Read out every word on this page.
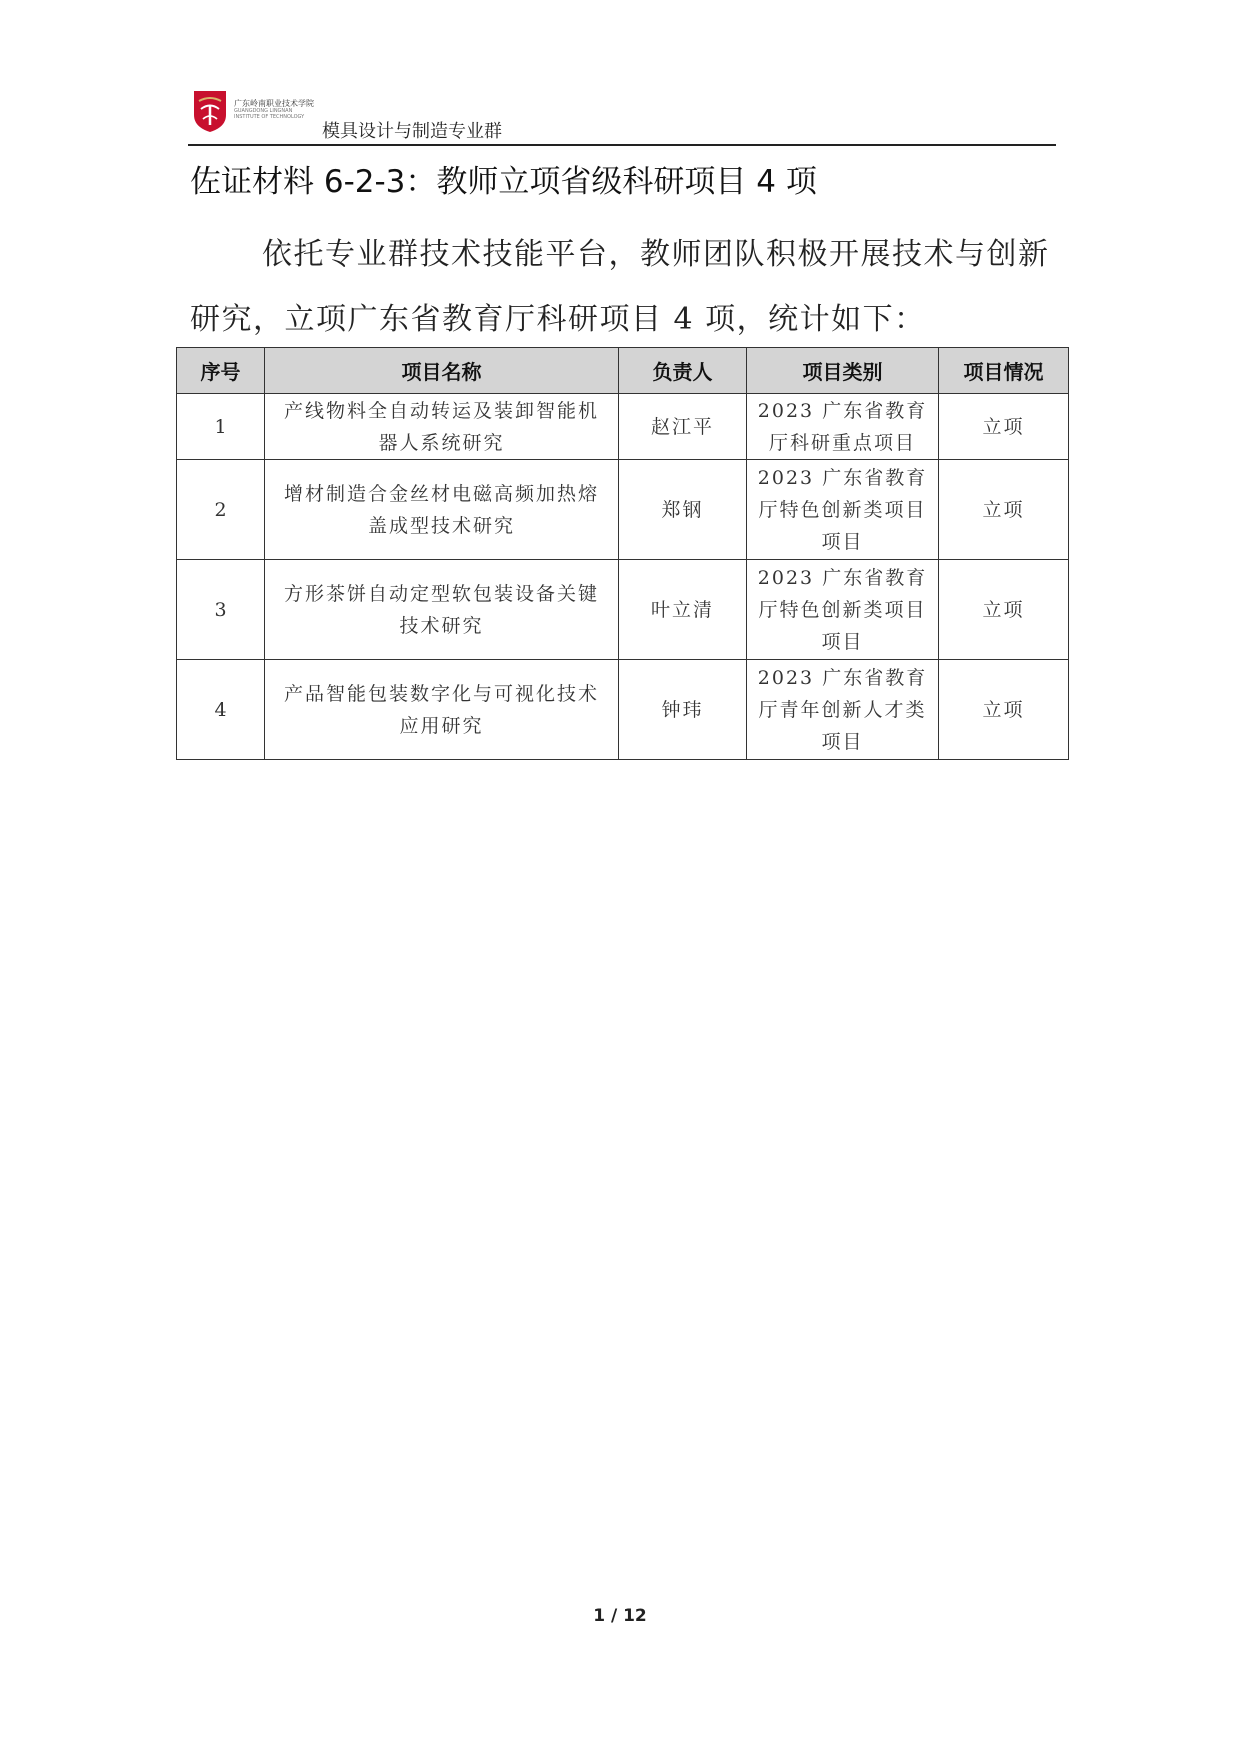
广东岭南职业技术学院
GUANGDONG LINGNAN
INSTITUTE OF TECHNOLOGY
模具设计与制造专业群
佐证材料 6-2-3：教师立项省级科研项目 4 项

依托专业群技术技能平台，教师团队积极开展技术与创新研究，立项广东省教育厅科研项目 4 项，统计如下：

序号	项目名称	负责人	项目类别	项目情况
1	产线物料全自动转运及装卸智能机器人系统研究	赵江平	2023 广东省教育厅科研重点项目	立项
2	增材制造合金丝材电磁高频加热熔盖成型技术研究	郑钢	2023 广东省教育厅特色创新类项目项目	立项
3	方形茶饼自动定型软包装设备关键技术研究	叶立清	2023 广东省教育厅特色创新类项目项目	立项
4	产品智能包装数字化与可视化技术应用研究	钟玮	2023 广东省教育厅青年创新人才类项目	立项
1 / 12
